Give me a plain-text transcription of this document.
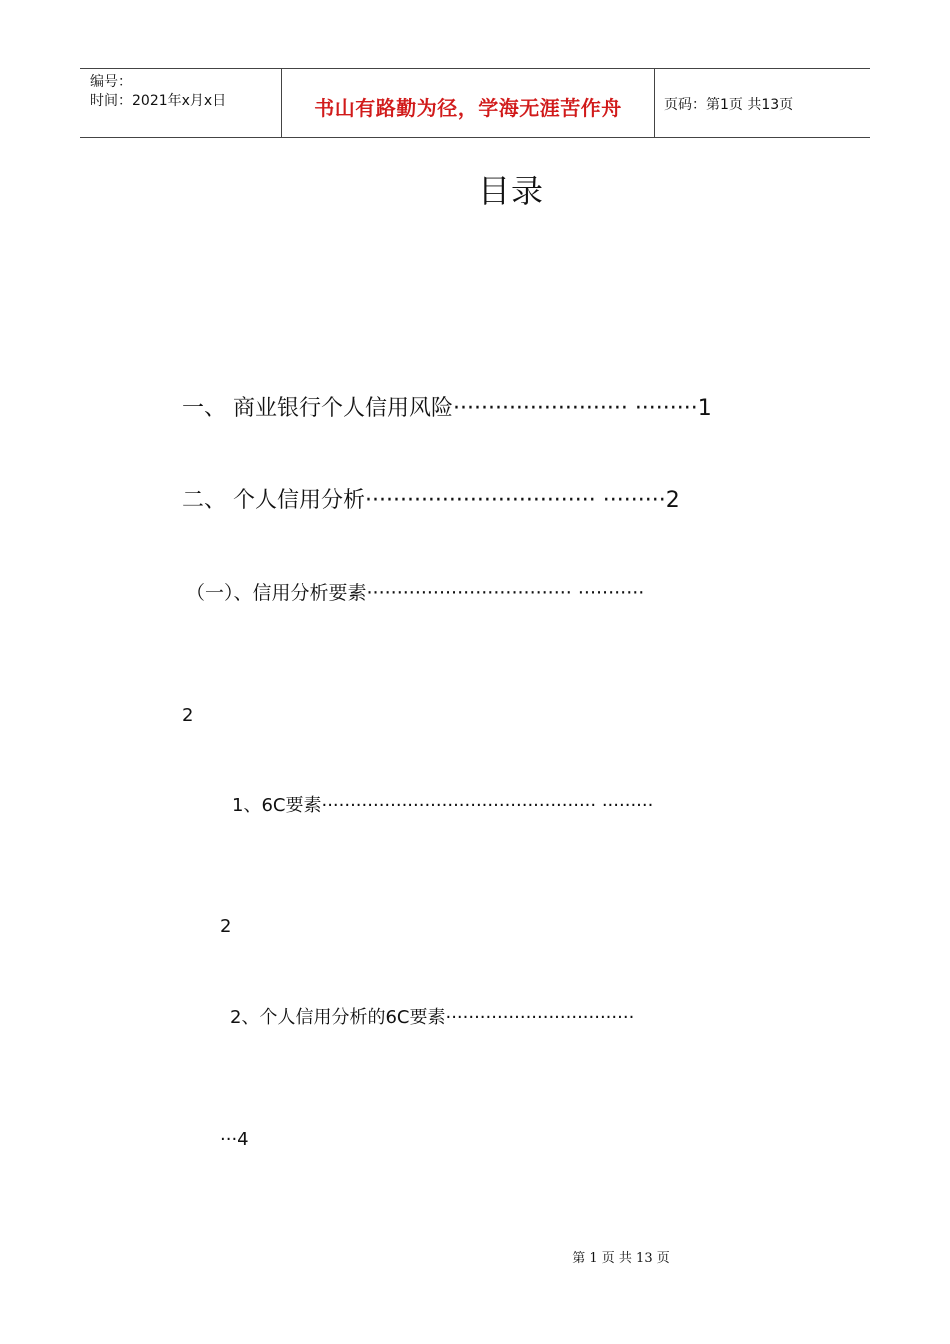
编号：
时间：2021年x月x日	书山有路勤为径，学海无涯苦作舟	页码：第1页 共13页
目录
一、 商业银行个人信用风险························· ·········1
二、 个人信用分析································· ·········2
（一）、信用分析要素·································· ···········
2
1、6C要素················································ ·········
2
2、个人信用分析的6C要素·································
···4
第 1 页 共 13 页
